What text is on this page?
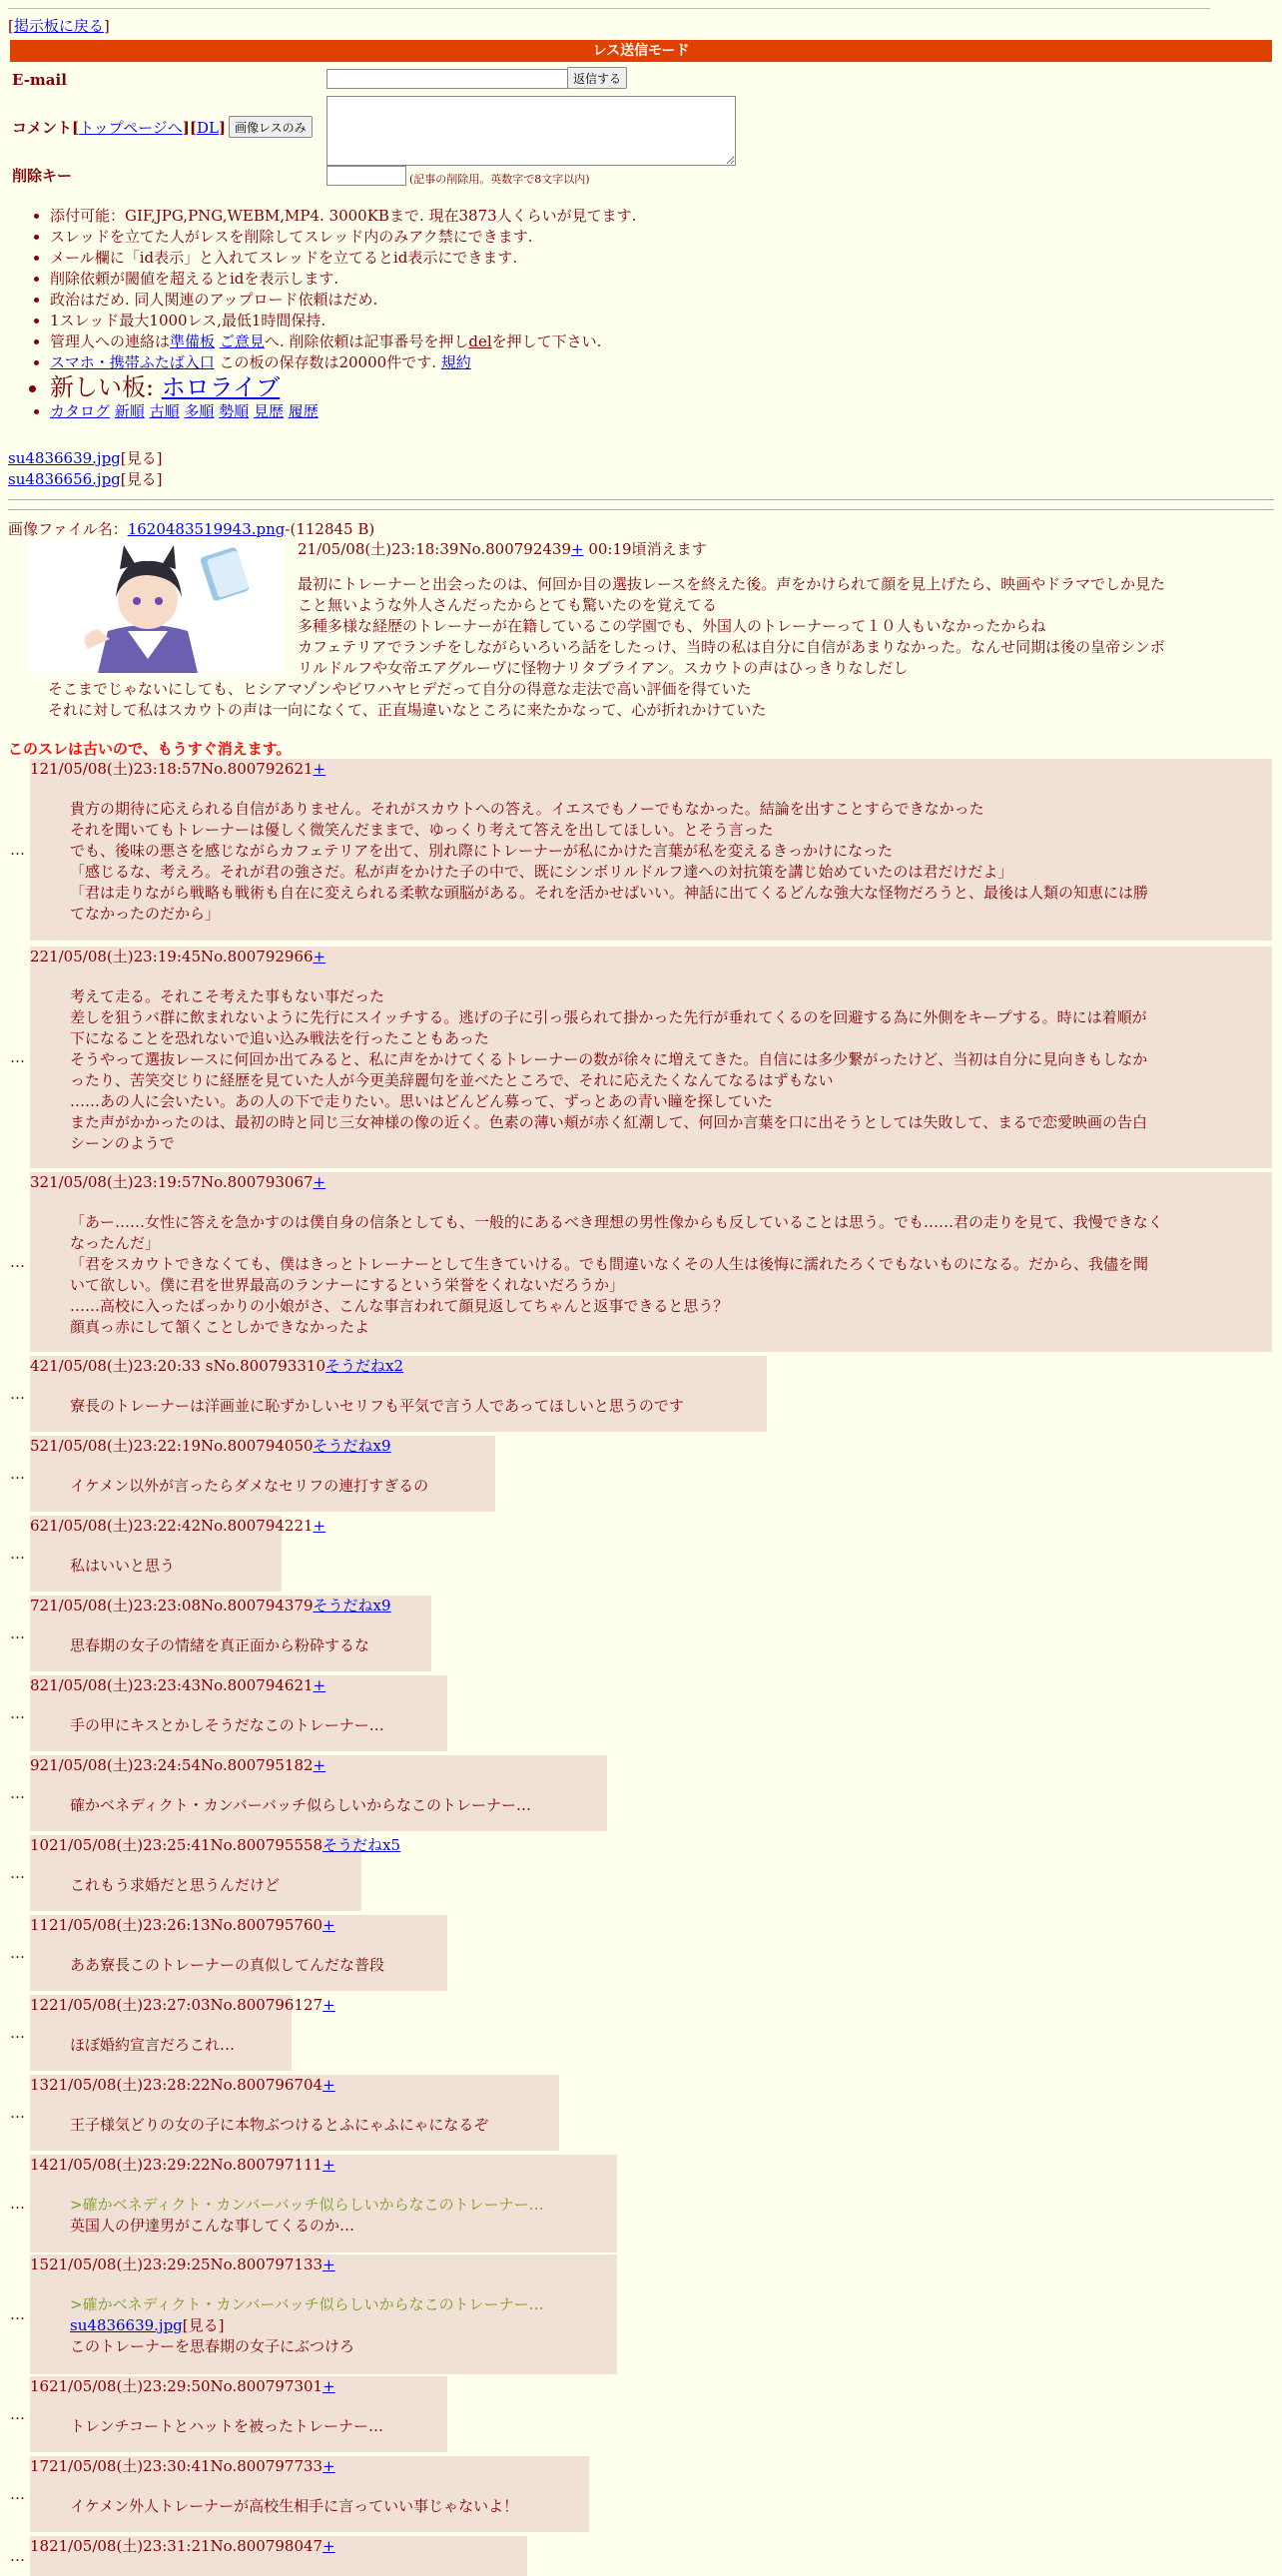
[掲示板に戻る]
レス送信モード
E-mail	返信する
コメント[トップページへ][DL] 画像レスのみ
削除キー	(記事の削除用。英数字で8文字以内)
• 添付可能：GIF,JPG,PNG,WEBM,MP4. 3000KBまで. 現在3873人くらいが見てます.
• スレッドを立てた人がレスを削除してスレッド内のみアク禁にできます.
• メール欄に「id表示」と入れてスレッドを立てるとid表示にできます.
• 削除依頼が閾値を超えるとidを表示します.
• 政治はだめ. 同人関連のアップロード依頼はだめ.
• 1スレッド最大1000レス,最低1時間保持.
• 管理人への連絡は準備板 ご意見へ. 削除依頼は記事番号を押しdelを押して下さい.
• スマホ・携帯ふたば入口 この板の保存数は20000件です. 規約
• 新しい板: ホロライブ
• カタログ 新順 古順 多順 勢順 見歴 履歴
su4836639.jpg[見る]
su4836656.jpg[見る]
画像ファイル名：1620483519943.png-(112845 B)
21/05/08(土)23:18:39No.800792439+ 00:19頃消えます
最初にトレーナーと出会ったのは、何回か目の選抜レースを終えた後。声をかけられて顔を見上げたら、映画やドラマでしか見た
こと無いような外人さんだったからとても驚いたのを覚えてる
多種多様な経歴のトレーナーが在籍しているこの学園でも、外国人のトレーナーって１０人もいなかったからね
カフェテリアでランチをしながらいろいろ話をしたっけ、当時の私は自分に自信があまりなかった。なんせ同期は後の皇帝シンボ
リルドルフや女帝エアグルーヴに怪物ナリタブライアン。スカウトの声はひっきりなしだし
そこまでじゃないにしても、ヒシアマゾンやビワハヤヒデだって自分の得意な走法で高い評価を得ていた
それに対して私はスカウトの声は一向になくて、正直場違いなところに来たかなって、心が折れかけていた
このスレは古いので、もうすぐ消えます。
…
121/05/08(土)23:18:57No.800792621+
貴方の期待に応えられる自信がありません。それがスカウトへの答え。イエスでもノーでもなかった。結論を出すことすらできなかった
それを聞いてもトレーナーは優しく微笑んだままで、ゆっくり考えて答えを出してほしい。とそう言った
でも、後味の悪さを感じながらカフェテリアを出て、別れ際にトレーナーが私にかけた言葉が私を変えるきっかけになった
「感じるな、考えろ。それが君の強さだ。私が声をかけた子の中で、既にシンボリルドルフ達への対抗策を講じ始めていたのは君だけだよ」
「君は走りながら戦略も戦術も自在に変えられる柔軟な頭脳がある。それを活かせばいい。神話に出てくるどんな強大な怪物だろうと、最後は人類の知恵には勝
てなかったのだから」
…
221/05/08(土)23:19:45No.800792966+
考えて走る。それこそ考えた事もない事だった
差しを狙うバ群に飲まれないように先行にスイッチする。逃げの子に引っ張られて掛かった先行が垂れてくるのを回避する為に外側をキープする。時には着順が
下になることを恐れないで追い込み戦法を行ったこともあった
そうやって選抜レースに何回か出てみると、私に声をかけてくるトレーナーの数が徐々に増えてきた。自信には多少繋がったけど、当初は自分に見向きもしなか
ったり、苦笑交じりに経歴を見ていた人が今更美辞麗句を並べたところで、それに応えたくなんてなるはずもない
……あの人に会いたい。あの人の下で走りたい。思いはどんどん募って、ずっとあの青い瞳を探していた
また声がかかったのは、最初の時と同じ三女神様の像の近く。色素の薄い頬が赤く紅潮して、何回か言葉を口に出そうとしては失敗して、まるで恋愛映画の告白
シーンのようで
…
321/05/08(土)23:19:57No.800793067+
「あー……女性に答えを急かすのは僕自身の信条としても、一般的にあるべき理想の男性像からも反していることは思う。でも……君の走りを見て、我慢できなく
なったんだ」
「君をスカウトできなくても、僕はきっとトレーナーとして生きていける。でも間違いなくその人生は後悔に濡れたろくでもないものになる。だから、我儘を聞
いて欲しい。僕に君を世界最高のランナーにするという栄誉をくれないだろうか」
……高校に入ったばっかりの小娘がさ、こんな事言われて顔見返してちゃんと返事できると思う？
顔真っ赤にして頷くことしかできなかったよ
…
421/05/08(土)23:20:33 sNo.800793310そうだねx2
寮長のトレーナーは洋画並に恥ずかしいセリフも平気で言う人であってほしいと思うのです
…
521/05/08(土)23:22:19No.800794050そうだねx9
イケメン以外が言ったらダメなセリフの連打すぎるの
…
621/05/08(土)23:22:42No.800794221+
私はいいと思う
…
721/05/08(土)23:23:08No.800794379そうだねx9
思春期の女子の情緒を真正面から粉砕するな
…
821/05/08(土)23:23:43No.800794621+
手の甲にキスとかしそうだなこのトレーナー…
…
921/05/08(土)23:24:54No.800795182+
確かベネディクト・カンバーバッチ似らしいからなこのトレーナー…
…
1021/05/08(土)23:25:41No.800795558そうだねx5
これもう求婚だと思うんだけど
…
1121/05/08(土)23:26:13No.800795760+
ああ寮長このトレーナーの真似してんだな普段
…
1221/05/08(土)23:27:03No.800796127+
ほぼ婚約宣言だろこれ…
…
1321/05/08(土)23:28:22No.800796704+
王子様気どりの女の子に本物ぶつけるとふにゃふにゃになるぞ
…
1421/05/08(土)23:29:22No.800797111+
>確かベネディクト・カンバーバッチ似らしいからなこのトレーナー…
英国人の伊達男がこんな事してくるのか…
…
1521/05/08(土)23:29:25No.800797133+
>確かベネディクト・カンバーバッチ似らしいからなこのトレーナー…
su4836639.jpg[見る]
このトレーナーを思春期の女子にぶつけろ
…
1621/05/08(土)23:29:50No.800797301+
トレンチコートとハットを被ったトレーナー…
…
1721/05/08(土)23:30:41No.800797733+
イケメン外人トレーナーが高校生相手に言っていい事じゃないよ！
…
1821/05/08(土)23:31:21No.800798047+
